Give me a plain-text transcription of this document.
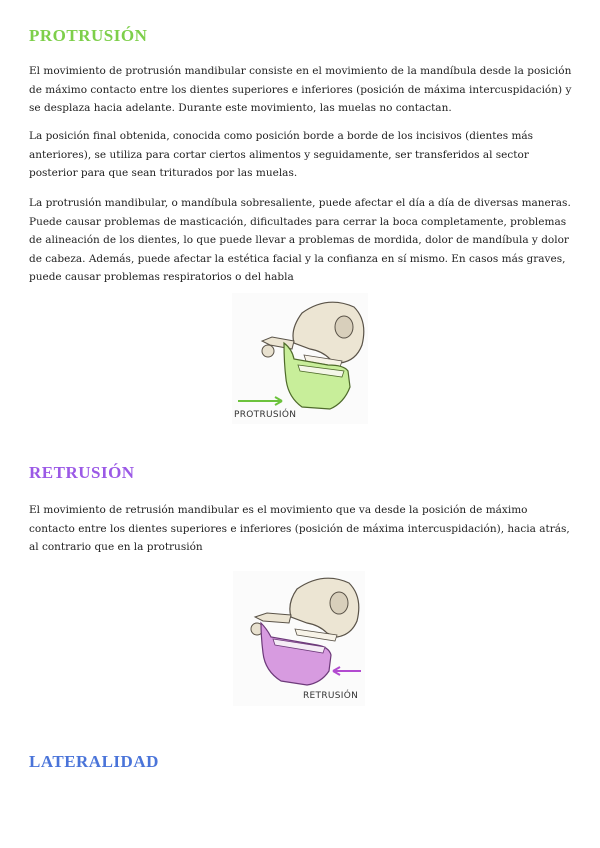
PROTRUSIÓN

El movimiento de protrusión mandibular consiste en el movimiento de la mandíbula desde la posición de máximo contacto entre los dientes superiores e inferiores (posición de máxima intercuspidación) y se desplaza hacia adelante. Durante este movimiento, las muelas no contactan.

La posición final obtenida, conocida como posición borde a borde de los incisivos (dientes más anteriores), se utiliza para cortar ciertos alimentos y seguidamente, ser transferidos al sector posterior para que sean triturados por las muelas.

La protrusión mandibular, o mandíbula sobresaliente, puede afectar el día a día de diversas maneras. Puede causar problemas de masticación, dificultades para cerrar la boca completamente, problemas de alineación de los dientes, lo que puede llevar a problemas de mordida, dolor de mandíbula y dolor de cabeza. Además, puede afectar la estética facial y la confianza en sí mismo. En casos más graves, puede causar problemas respiratorios o del habla

PROTRUSIÓN
RETRUSIÓN

El movimiento de retrusión mandibular es el movimiento que va desde la posición de máximo contacto entre los dientes superiores e inferiores (posición de máxima intercuspidación), hacia atrás, al contrario que en la protrusión

RETRUSIÓN
LATERALIDAD
